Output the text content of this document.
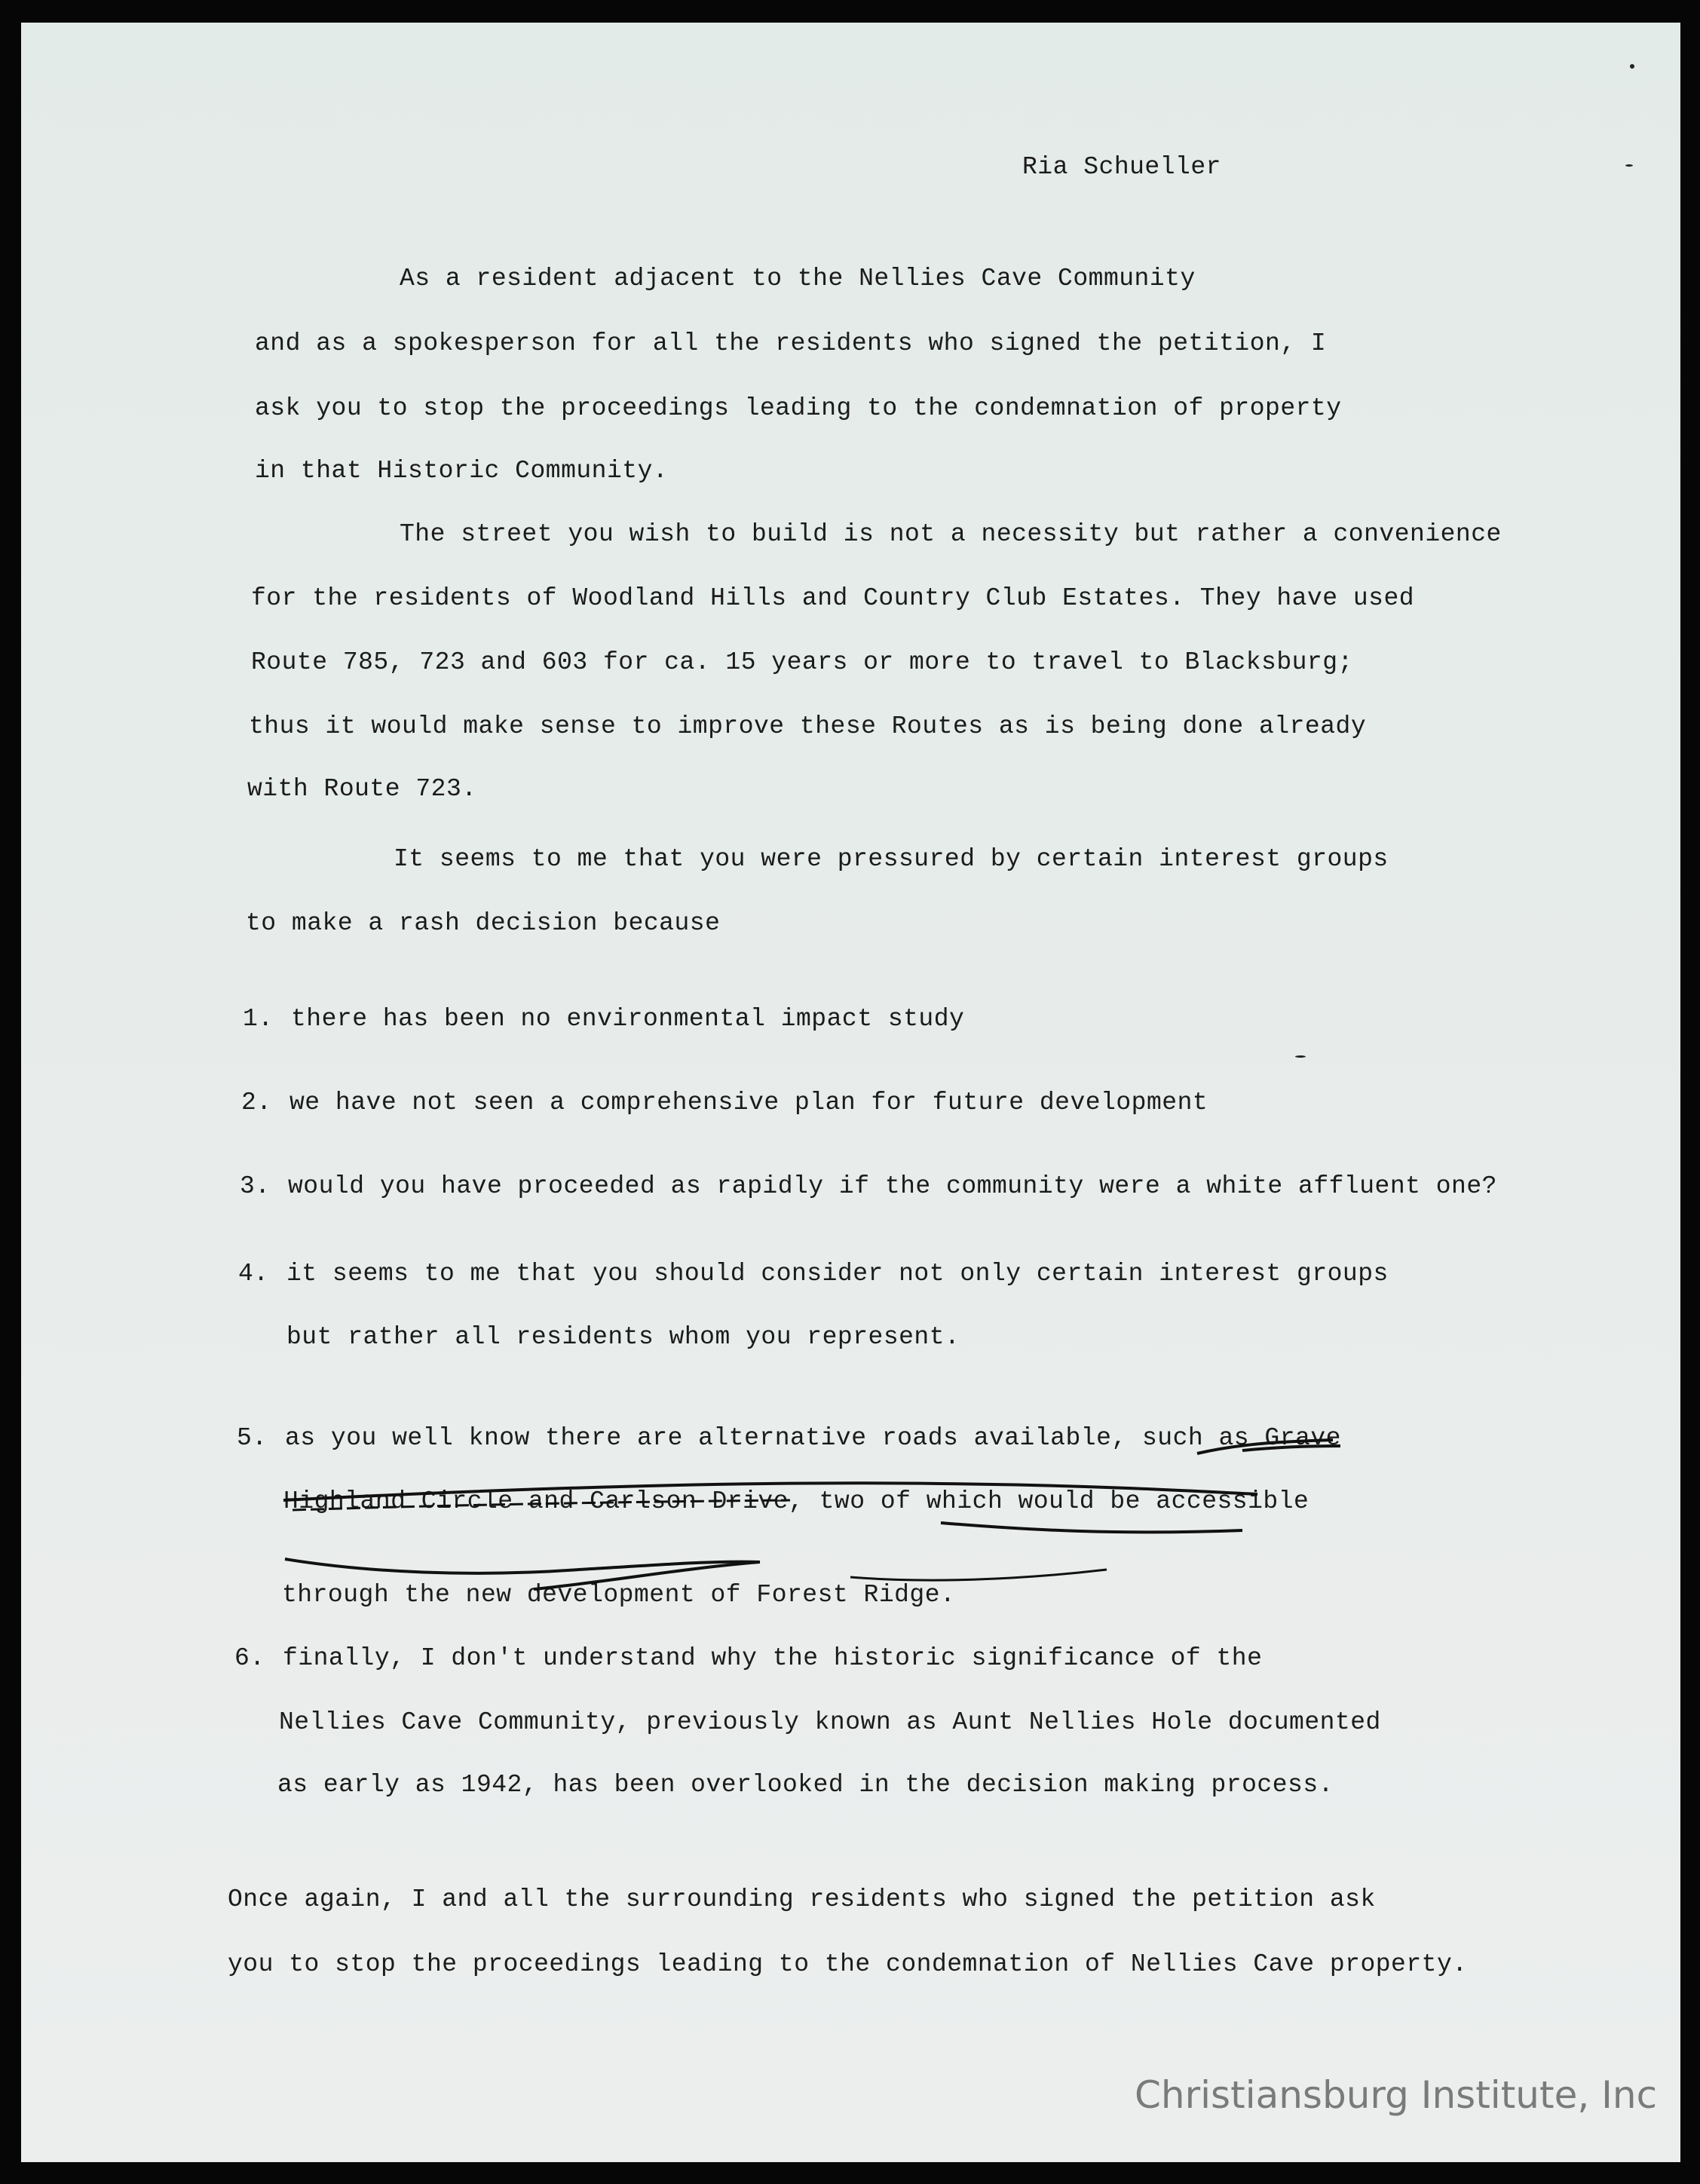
Ria Schueller
As a resident adjacent to the Nellies Cave Community
and as a spokesperson for all the residents who signed the petition, I
ask you to stop the proceedings leading to the condemnation of property
in that Historic Community.
The street you wish to build is not a necessity but rather a convenience
for the residents of Woodland Hills and Country Club Estates. They have used
Route 785, 723 and 603 for ca. 15 years or more to travel to Blacksburg;
thus it would make sense to improve these Routes as is being done already
with Route 723.
It seems to me that you were pressured by certain interest groups
to make a rash decision because
1. there has been no environmental impact study
2. we have not seen a comprehensive plan for future development
3. would you have proceeded as rapidly if the community were a white affluent one?
4. it seems to me that you should consider not only certain interest groups
but rather all residents whom you represent.
5. as you well know there are alternative roads available, such as Grave
Highland Circle and Carlson Drive, two of which would be accessible
through the new development of Forest Ridge.
6. finally, I don't understand why the historic significance of the
Nellies Cave Community, previously known as Aunt Nellies Hole documented
as early as 1942, has been overlooked in the decision making process.
Once again, I and all the surrounding residents who signed the petition ask
you to stop the proceedings leading to the condemnation of Nellies Cave property.
Christiansburg Institute, Inc
